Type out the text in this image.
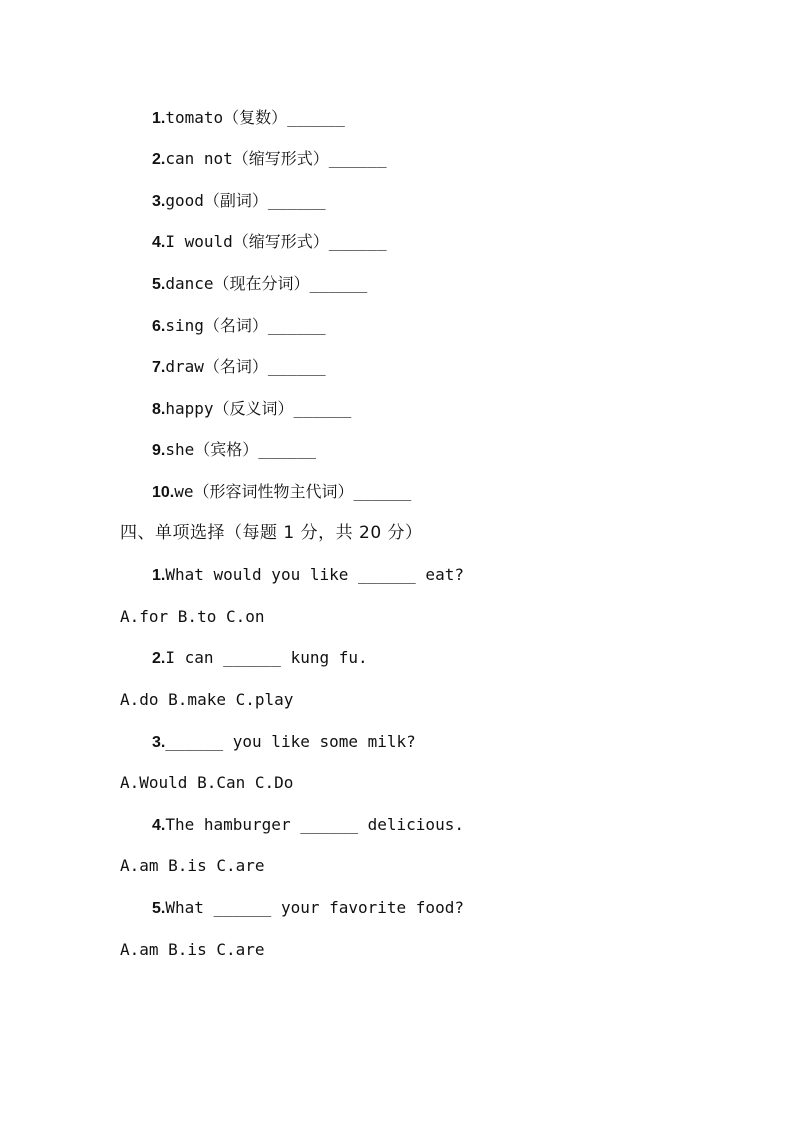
1.tomato（复数）______
2.can not（缩写形式）______
3.good（副词）______
4.I would（缩写形式）______
5.dance（现在分词）______
6.sing（名词）______
7.draw（名词）______
8.happy（反义词）______
9.she（宾格）______
10.we（形容词性物主代词）______
四、单项选择（每题 1 分，共 20 分）
1.What would you like ______ eat?
A.for B.to C.on
2.I can ______ kung fu.
A.do B.make C.play
3.______ you like some milk?
A.Would B.Can C.Do
4.The hamburger ______ delicious.
A.am B.is C.are
5.What ______ your favorite food?
A.am B.is C.are
